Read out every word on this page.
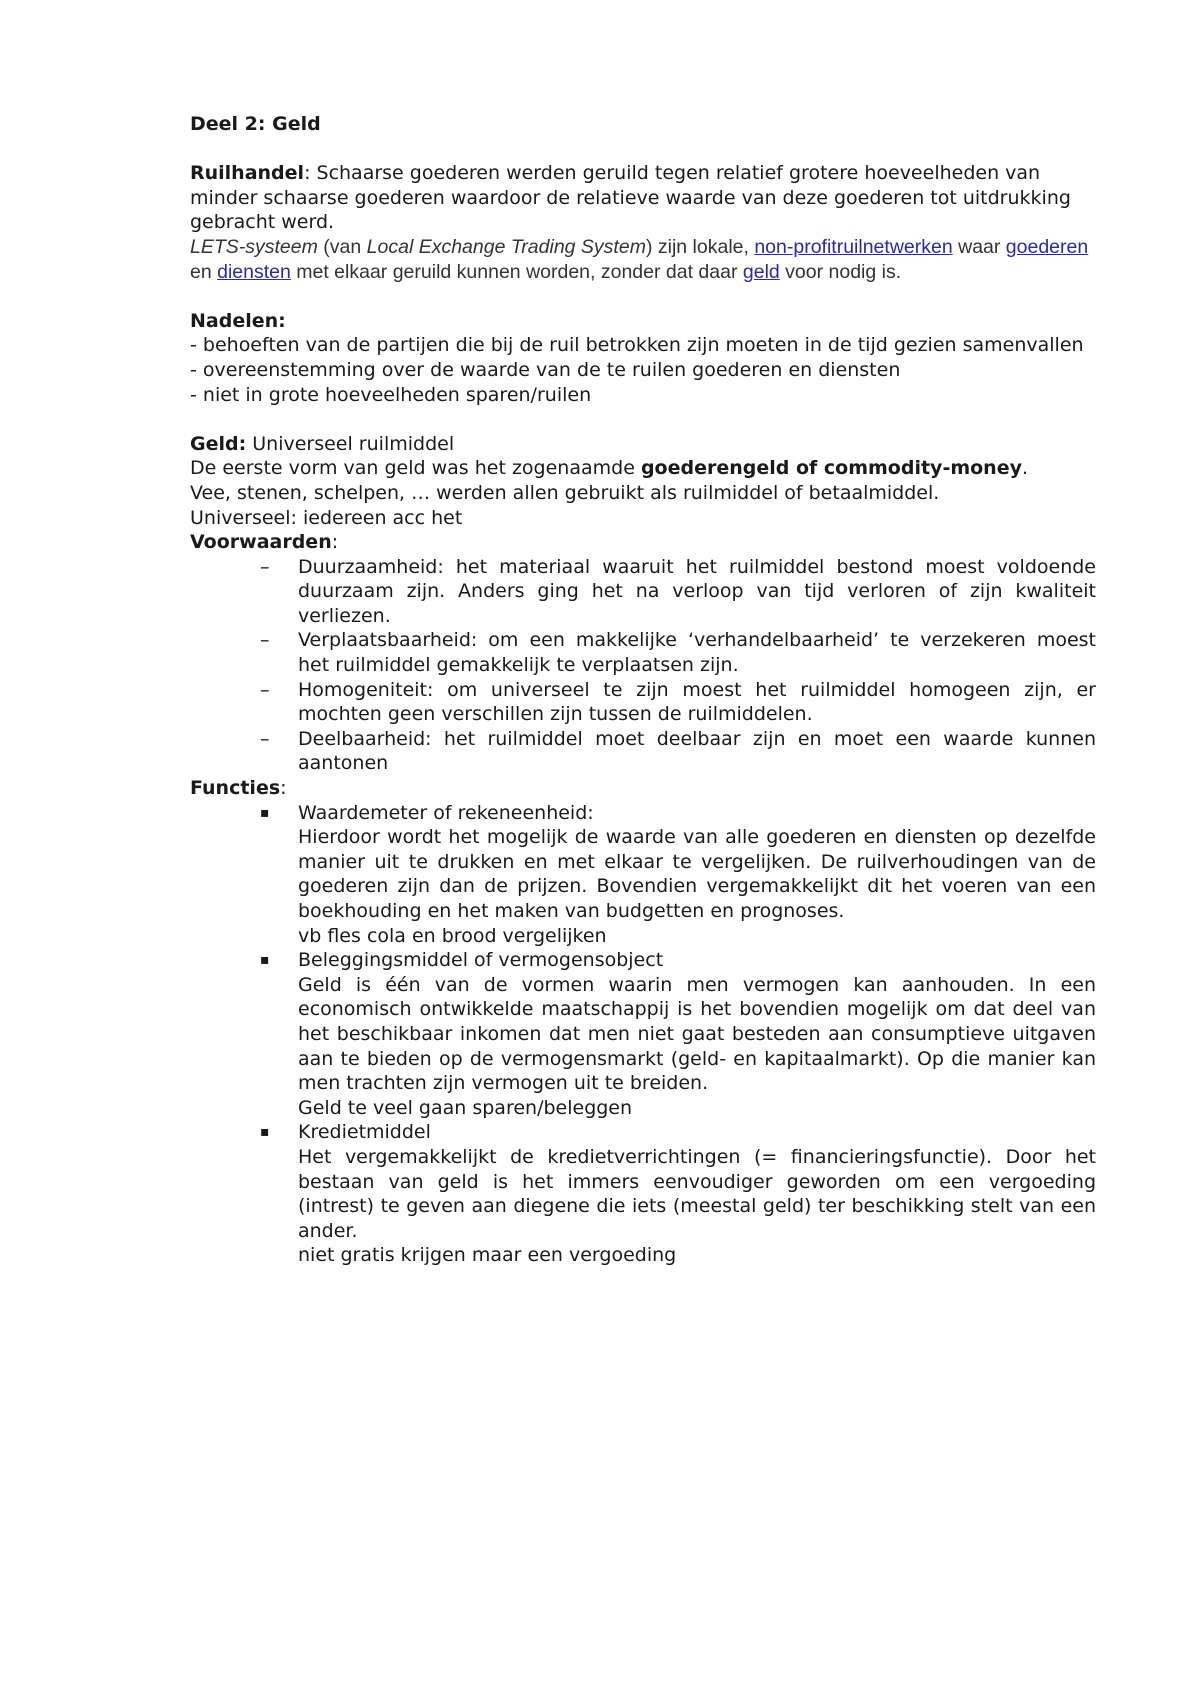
Deel 2: Geld

Ruilhandel: Schaarse goederen werden geruild tegen relatief grotere hoeveelheden van minder schaarse goederen waardoor de relatieve waarde van deze goederen tot uitdrukking gebracht werd.

LETS-systeem (van Local Exchange Trading System) zijn lokale, non-profitruilnetwerken waar goederen en diensten met elkaar geruild kunnen worden, zonder dat daar geld voor nodig is.

Nadelen:

- behoeften van de partijen die bij de ruil betrokken zijn moeten in de tijd gezien samenvallen

- overeenstemming over de waarde van de te ruilen goederen en diensten

- niet in grote hoeveelheden sparen/ruilen

Geld: Universeel ruilmiddel

De eerste vorm van geld was het zogenaamde goederengeld of commodity-money.

Vee, stenen, schelpen, … werden allen gebruikt als ruilmiddel of betaalmiddel.

Universeel: iedereen acc het

Voorwaarden:

– Duurzaamheid: het materiaal waaruit het ruilmiddel bestond moest voldoende duurzaam zijn. Anders ging het na verloop van tijd verloren of zijn kwaliteit verliezen.
– Verplaatsbaarheid: om een makkelijke ‘verhandelbaarheid’ te verzekeren moest het ruilmiddel gemakkelijk te verplaatsen zijn.
– Homogeniteit: om universeel te zijn moest het ruilmiddel homogeen zijn, er mochten geen verschillen zijn tussen de ruilmiddelen.
– Deelbaarheid: het ruilmiddel moet deelbaar zijn en moet een waarde kunnen aantonen

Functies:

▪ Waardemeter of rekeneenheid:

Hierdoor wordt het mogelijk de waarde van alle goederen en diensten op dezelfde manier uit te drukken en met elkaar te vergelijken. De ruilverhoudingen van de goederen zijn dan de prijzen. Bovendien vergemakkelijkt dit het voeren van een boekhouding en het maken van budgetten en prognoses.

vb fles cola en brood vergelijken

▪ Beleggingsmiddel of vermogensobject

Geld is één van de vormen waarin men vermogen kan aanhouden. In een economisch ontwikkelde maatschappij is het bovendien mogelijk om dat deel van het beschikbaar inkomen dat men niet gaat besteden aan consumptieve uitgaven aan te bieden op de vermogensmarkt (geld- en kapitaalmarkt). Op die manier kan men trachten zijn vermogen uit te breiden.

Geld te veel gaan sparen/beleggen

▪ Kredietmiddel

Het vergemakkelijkt de kredietverrichtingen (= financieringsfunctie). Door het bestaan van geld is het immers eenvoudiger geworden om een vergoeding (intrest) te geven aan diegene die iets (meestal geld) ter beschikking stelt van een ander.

niet gratis krijgen maar een vergoeding
